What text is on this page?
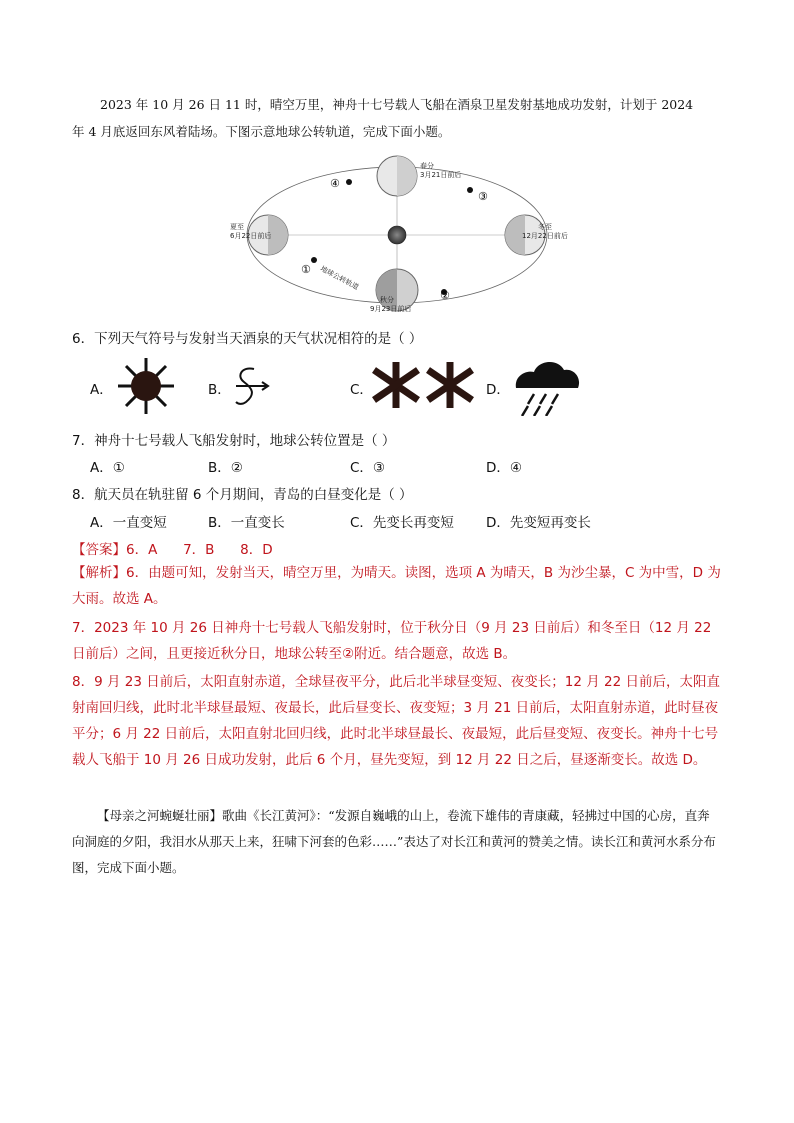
2023 年 10 月 26 日 11 时，晴空万里，神舟十七号载人飞船在酒泉卫星发射基地成功发射，计划于 2024
年 4 月底返回东风着陆场。下图示意地球公转轨道，完成下面小题。
春分
3月21日前后
夏至
6月22日前后
冬至
12月22日前后
秋分
9月23日前后
地球公转轨道
①
②
③
④
6．下列天气符号与发射当天酒泉的天气状况相符的是（ ）
A．	B．	C．	D．
7．神舟十七号载人飞船发射时，地球公转位置是（ ）
A．①	B．②	C．③	D．④
8．航天员在轨驻留 6 个月期间，青岛的白昼变化是（ ）
A．一直变短	B．一直变长	C．先变长再变短 D．先变短再变长
【答案】6．A      7．B      8．D
【解析】6．由题可知，发射当天，晴空万里，为晴天。读图，选项 A 为晴天，B 为沙尘暴，C 为中雪，D 为大雨。故选 A。
7．2023 年 10 月 26 日神舟十七号载人飞船发射时，位于秋分日（9 月 23 日前后）和冬至日（12 月 22 日前后）之间，且更接近秋分日，地球公转至②附近。结合题意，故选 B。
8．9 月 23 日前后，太阳直射赤道，全球昼夜平分，此后北半球昼变短、夜变长；12 月 22 日前后，太阳直射南回归线，此时北半球昼最短、夜最长，此后昼变长、夜变短；3 月 21 日前后，太阳直射赤道，此时昼夜平分；6 月 22 日前后，太阳直射北回归线，此时北半球昼最长、夜最短，此后昼变短、夜变长。神舟十七号载人飞船于 10 月 26 日成功发射，此后 6 个月，昼先变短，到 12 月 22 日之后，昼逐渐变长。故选 D。
【母亲之河蜿蜒壮丽】歌曲《长江黄河》：“发源自巍峨的山上，卷流下雄伟的青康藏，轻拂过中国的心房，直奔向洞庭的夕阳，我泪水从那天上来，狂啸下河套的色彩……”表达了对长江和黄河的赞美之情。读长江和黄河水系分布图，完成下面小题。
